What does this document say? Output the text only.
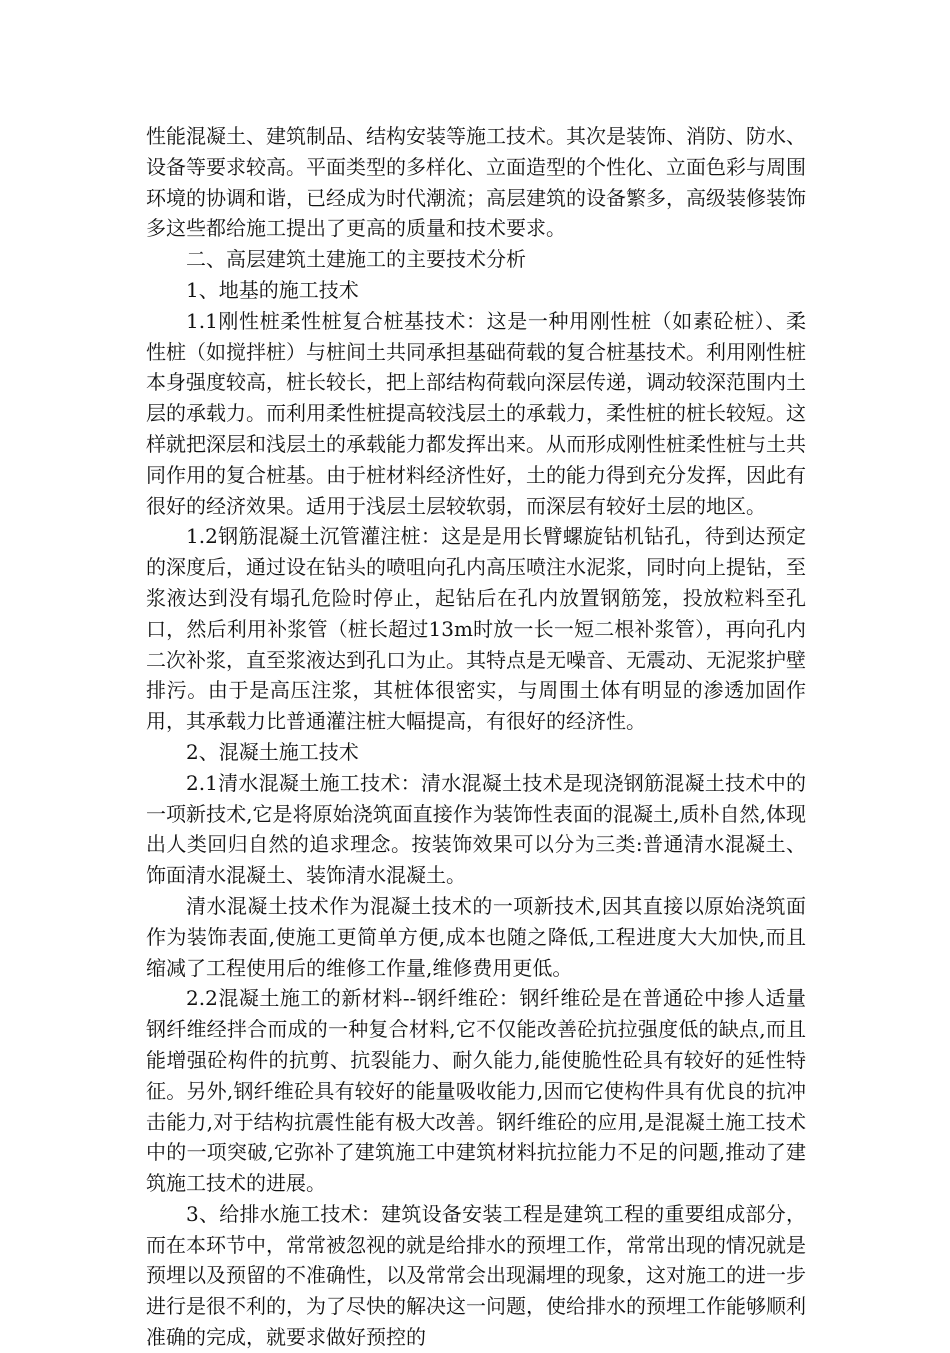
性能混凝土、建筑制品、结构安装等施工技术。其次是装饰、消防、防水、设备等要求较高。平面类型的多样化、立面造型的个性化、立面色彩与周围环境的协调和谐，已经成为时代潮流；高层建筑的设备繁多，高级装修装饰多这些都给施工提出了更高的质量和技术要求。

二、高层建筑土建施工的主要技术分析

1、地基的施工技术

1.1刚性桩柔性桩复合桩基技术：这是一种用刚性桩（如素砼桩）、柔性桩（如搅拌桩）与桩间土共同承担基础荷载的复合桩基技术。利用刚性桩本身强度较高，桩长较长，把上部结构荷载向深层传递，调动较深范围内土层的承载力。而利用柔性桩提高较浅层土的承载力，柔性桩的桩长较短。这样就把深层和浅层土的承载能力都发挥出来。从而形成刚性桩柔性桩与土共同作用的复合桩基。由于桩材料经济性好，土的能力得到充分发挥，因此有很好的经济效果。适用于浅层土层较软弱，而深层有较好土层的地区。

1.2钢筋混凝土沉管灌注桩：这是是用长臂螺旋钻机钻孔，待到达预定的深度后，通过设在钻头的喷咀向孔内高压喷注水泥浆，同时向上提钻，至浆液达到没有塌孔危险时停止，起钻后在孔内放置钢筋笼，投放粒料至孔口，然后利用补浆管（桩长超过13m时放一长一短二根补浆管），再向孔内二次补浆，直至浆液达到孔口为止。其特点是无噪音、无震动、无泥浆护壁排污。由于是高压注浆，其桩体很密实，与周围土体有明显的渗透加固作用，其承载力比普通灌注桩大幅提高，有很好的经济性。

2、混凝土施工技术

2.1清水混凝土施工技术：清水混凝土技术是现浇钢筋混凝土技术中的一项新技术,它是将原始浇筑面直接作为装饰性表面的混凝土,质朴自然,体现出人类回归自然的追求理念。按装饰效果可以分为三类:普通清水混凝土、饰面清水混凝土、装饰清水混凝土。

清水混凝土技术作为混凝土技术的一项新技术,因其直接以原始浇筑面作为装饰表面,使施工更简单方便,成本也随之降低,工程进度大大加快,而且缩减了工程使用后的维修工作量,维修费用更低。

2.2混凝土施工的新材料--钢纤维砼：钢纤维砼是在普通砼中掺人适量钢纤维经拌合而成的一种复合材料,它不仅能改善砼抗拉强度低的缺点,而且能增强砼构件的抗剪、抗裂能力、耐久能力,能使脆性砼具有较好的延性特征。另外,钢纤维砼具有较好的能量吸收能力,因而它使构件具有优良的抗冲击能力,对于结构抗震性能有极大改善。钢纤维砼的应用,是混凝土施工技术中的一项突破,它弥补了建筑施工中建筑材料抗拉能力不足的问题,推动了建筑施工技术的进展。

3、给排水施工技术：建筑设备安装工程是建筑工程的重要组成部分，而在本环节中，常常被忽视的就是给排水的预埋工作，常常出现的情况就是预埋以及预留的不准确性，以及常常会出现漏埋的现象，这对施工的进一步进行是很不利的，为了尽快的解决这一问题，使给排水的预埋工作能够顺利准确的完成，就要求做好预控的
